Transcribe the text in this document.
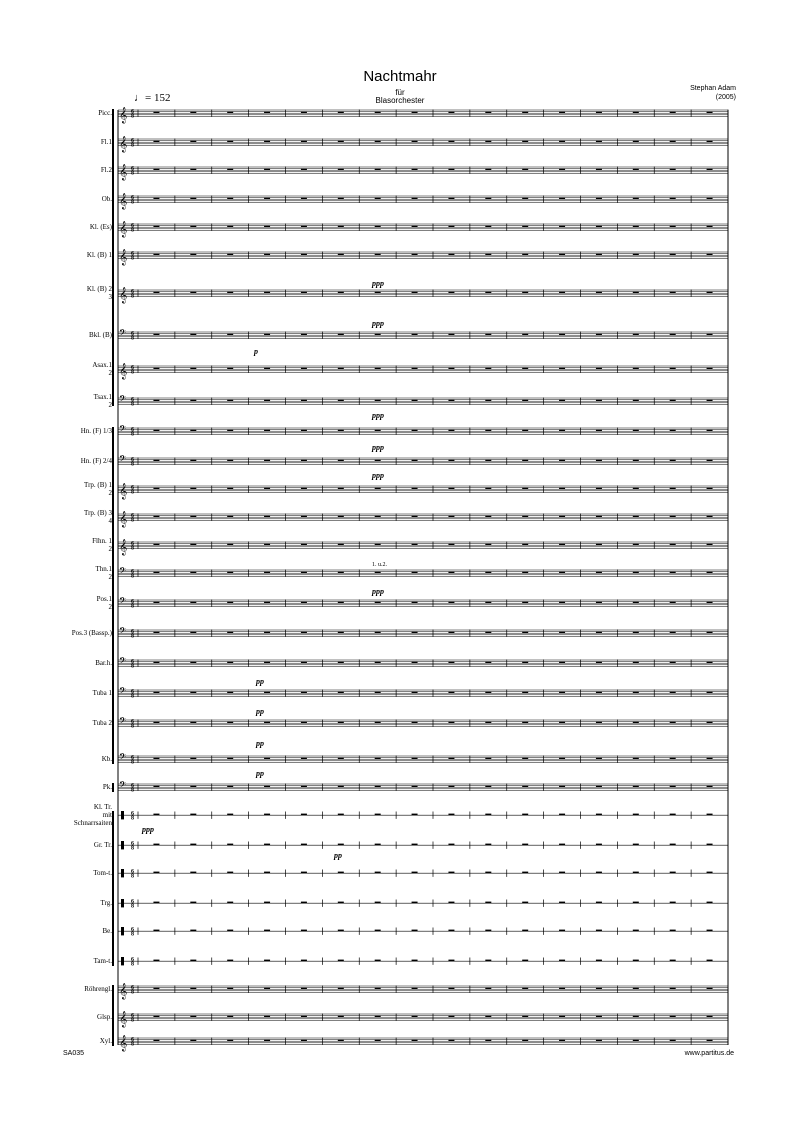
Nachtmahr
für
Blasorchester
Stephan Adam
(2005)
♩= 152
Picc.
Fl.1
Fl.2
Ob.
Kl. (Es)
Kl. (B) 1
Kl. (B) 2
3
Bkl. (B)
Asax.1
2
Tsax.1
2
Hn. (F) 1/3
Hn. (F) 2/4
Trp. (B) 1
2
Trp. (B) 3
4
Flhn. 1
2
Thn.1
2
Pos.1
2
Pos.3 (Bassp.)
Bar.h.
Tuba 1
Tuba 2
Kb.
Pk.
Kl. Tr.
mit
Schnarrsaiten
Gr. Tr.
Tom-t.
Trg.
Be.
Tam-t.
Röhrengl.
Glsp.
Xyl.
𝄞 6
8
𝄞 6
8
𝄞 6
8
𝄞 6
8
𝄞 6
8
𝄞 6
8
𝄞 6
8
𝄢 6
8
𝄞 6
8
𝄢 6
8
𝄢 6
8
𝄢 6
8
𝄞 6
8
𝄞 6
8
𝄞 6
8
𝄢 6
8
𝄢 6
8
𝄢 6
8
𝄢 6
8
𝄢 6
8
𝄢 6
8
𝄢 6
8
𝄢 6
8
6
8
6
8
6
8
6
8
6
8
6
8
𝄞 6
8
𝄞 6
8
𝄞 6
8
ppp
ppp
ppp
ppp
ppp
ppp
p
pp
pp
pp
pp
ppp
pp
1. u.2.
SA035	www.partitus.de
